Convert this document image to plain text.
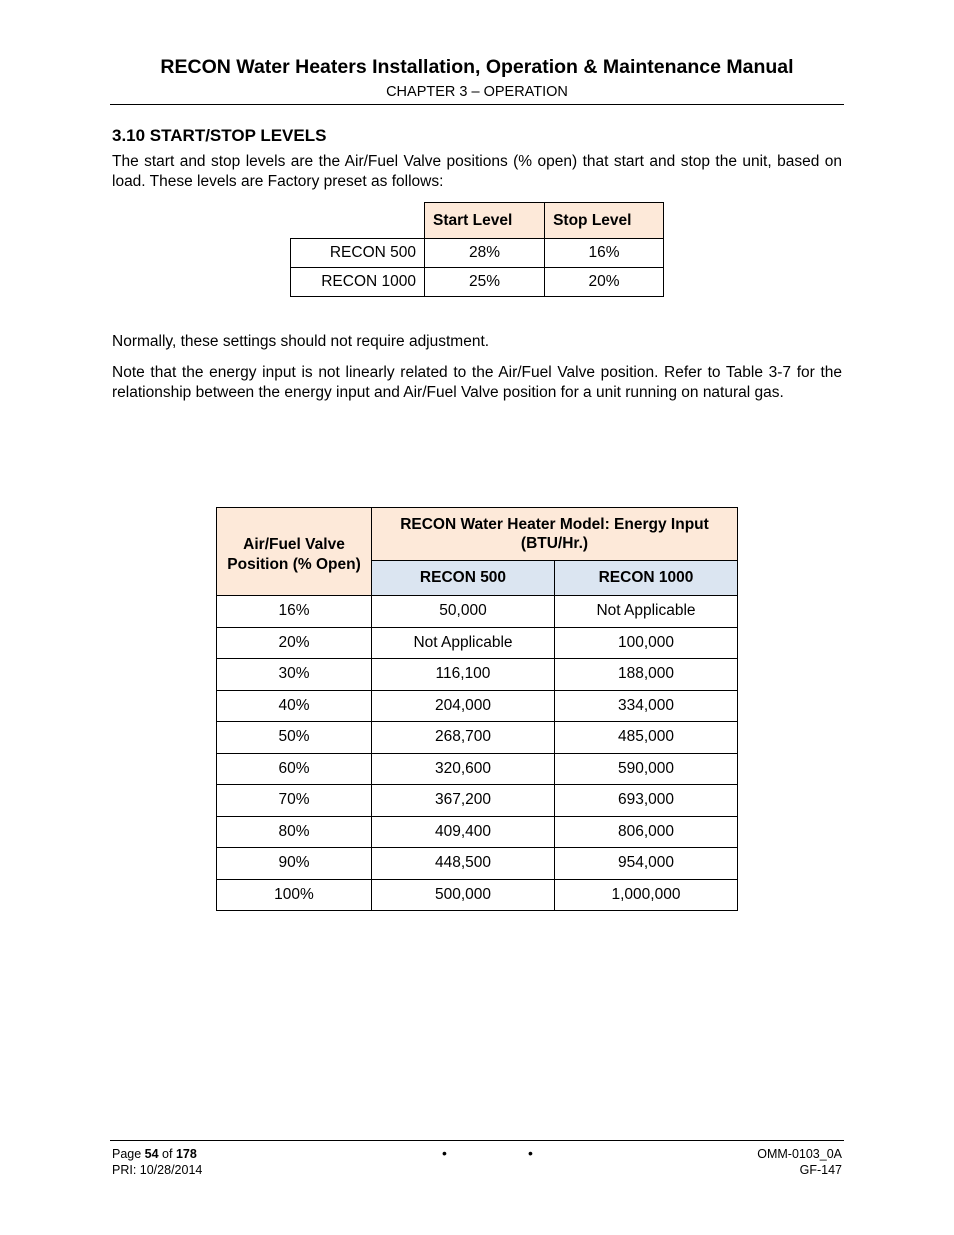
RECON Water Heaters Installation, Operation & Maintenance Manual
CHAPTER 3 – OPERATION
3.10 START/STOP LEVELS
The start and stop levels are the Air/Fuel Valve positions (% open) that start and stop the unit, based on load. These levels are Factory preset as follows:
	Start Level	Stop Level
RECON 500	28%	16%
RECON 1000	25%	20%
Normally, these settings should not require adjustment.
Note that the energy input is not linearly related to the Air/Fuel Valve position. Refer to Table 3-7 for the relationship between the energy input and Air/Fuel Valve position for a unit running on natural gas.
Air/Fuel Valve Position (% Open)	RECON Water Heater Model: Energy Input (BTU/Hr.)	
	RECON 500	RECON 1000
16%	50,000	Not Applicable
20%	Not Applicable	100,000
30%	116,100	188,000
40%	204,000	334,000
50%	268,700	485,000
60%	320,600	590,000
70%	367,200	693,000
80%	409,400	806,000
90%	448,500	954,000
100%	500,000	1,000,000
Page 54 of 178
PRI: 10/28/2014
•	•	OMM-0103_0A
GF-147
